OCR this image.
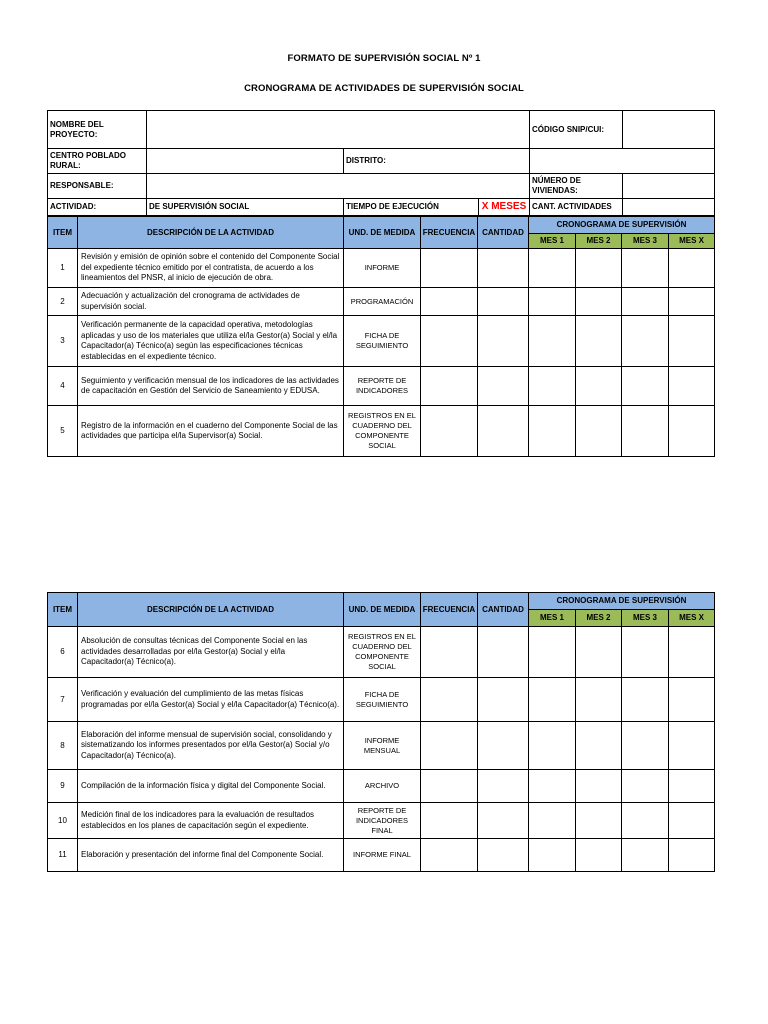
FORMATO DE SUPERVISIÓN SOCIAL Nº 1
CRONOGRAMA DE ACTIVIDADES DE SUPERVISIÓN SOCIAL
NOMBRE DEL PROYECTO:				CÓDIGO SNIP/CUI:	
CENTRO POBLADO RURAL:		DISTRITO:			
RESPONSABLE:				NÚMERO DE VIVIENDAS:	
ACTIVIDAD:	DE SUPERVISIÓN SOCIAL	TIEMPO DE EJECUCIÓN	X MESES	CANT. ACTIVIDADES	
ITEM	DESCRIPCIÓN DE LA ACTIVIDAD	UND. DE MEDIDA	FRECUENCIA	CANTIDAD	CRONOGRAMA DE SUPERVISIÓN			
					MES 1	MES 2	MES 3	MES X
1	Revisión y emisión de opinión sobre el contenido del Componente Social del expediente técnico emitido por el contratista, de acuerdo a los lineamientos del PNSR, al inicio de ejecución de obra.	INFORME						
2	Adecuación y actualización del cronograma de actividades de supervisión social.	PROGRAMACIÓN						
3	Verificación permanente de la capacidad operativa, metodologías aplicadas y uso de los materiales que utiliza el/la Gestor(a) Social y el/la Capacitador(a) Técnico(a) según las especificaciones técnicas establecidas en el expediente técnico.	FICHA DE SEGUIMIENTO						
4	Seguimiento y verificación mensual de los indicadores de las actividades de capacitación en Gestión del Servicio de Saneamiento y EDUSA.	REPORTE DE INDICADORES						
5	Registro de la información en el cuaderno del Componente Social de las actividades que participa el/la Supervisor(a) Social.	REGISTROS EN EL CUADERNO DEL COMPONENTE SOCIAL						
ITEM	DESCRIPCIÓN DE LA ACTIVIDAD	UND. DE MEDIDA	FRECUENCIA	CANTIDAD	CRONOGRAMA DE SUPERVISIÓN			
					MES 1	MES 2	MES 3	MES X
6	Absolución de consultas técnicas del Componente Social en las actividades desarrolladas por el/la Gestor(a) Social y el/la Capacitador(a) Técnico(a).	REGISTROS EN EL CUADERNO DEL COMPONENTE SOCIAL						
7	Verificación y evaluación del cumplimiento de las metas físicas programadas por el/la Gestor(a) Social y el/la Capacitador(a) Técnico(a).	FICHA DE SEGUIMIENTO						
8	Elaboración del informe mensual de supervisión social, consolidando y sistematizando los informes presentados por el/la Gestor(a) Social y/o Capacitador(a) Técnico(a).	INFORME MENSUAL						
9	Compilación de la información física y digital del Componente Social.	ARCHIVO						
10	Medición final de los indicadores para la evaluación de resultados establecidos en los planes de capacitación según el expediente.	REPORTE DE INDICADORES FINAL						
11	Elaboración y presentación del informe final del Componente Social.	INFORME FINAL						
